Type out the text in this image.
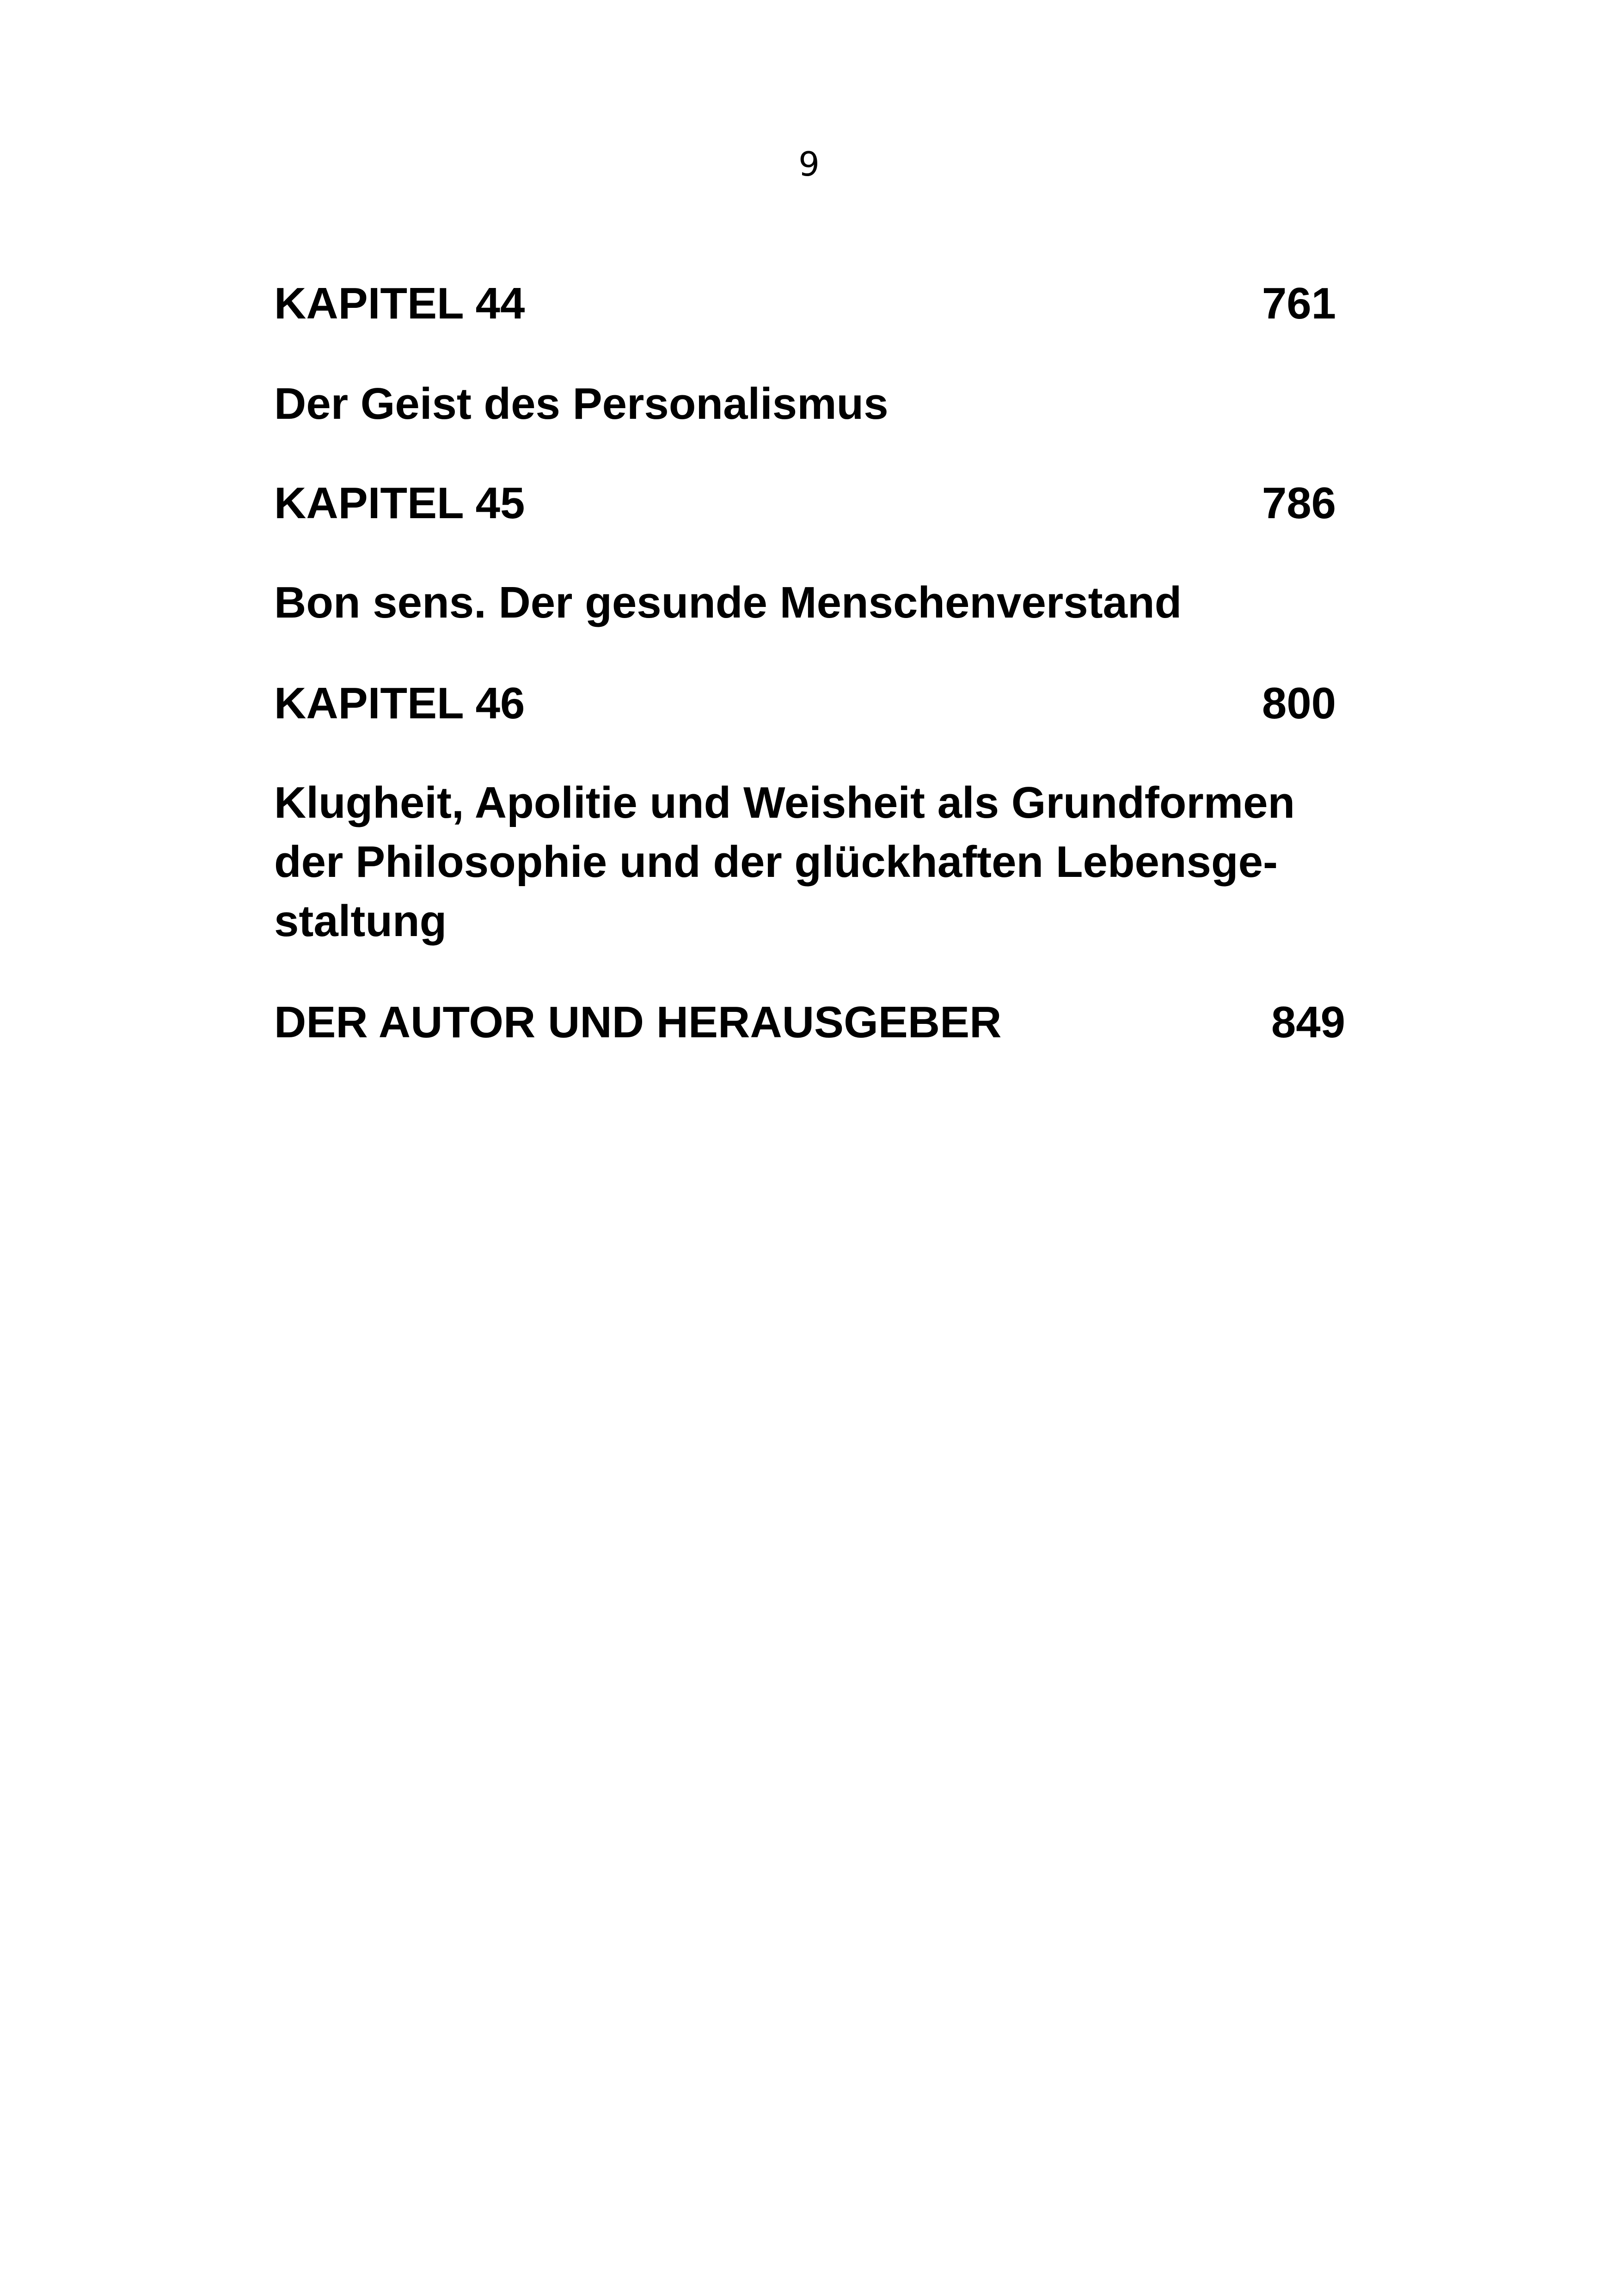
9
KAPITEL 44	761
Der Geist des Personalismus
KAPITEL 45	786
Bon sens. Der gesunde Menschenverstand
KAPITEL 46	800
Klugheit, Apolitie und Weisheit als Grundformen
der Philosophie und der glückhaften Lebensge-
staltung
DER AUTOR UND HERAUSGEBER	849
